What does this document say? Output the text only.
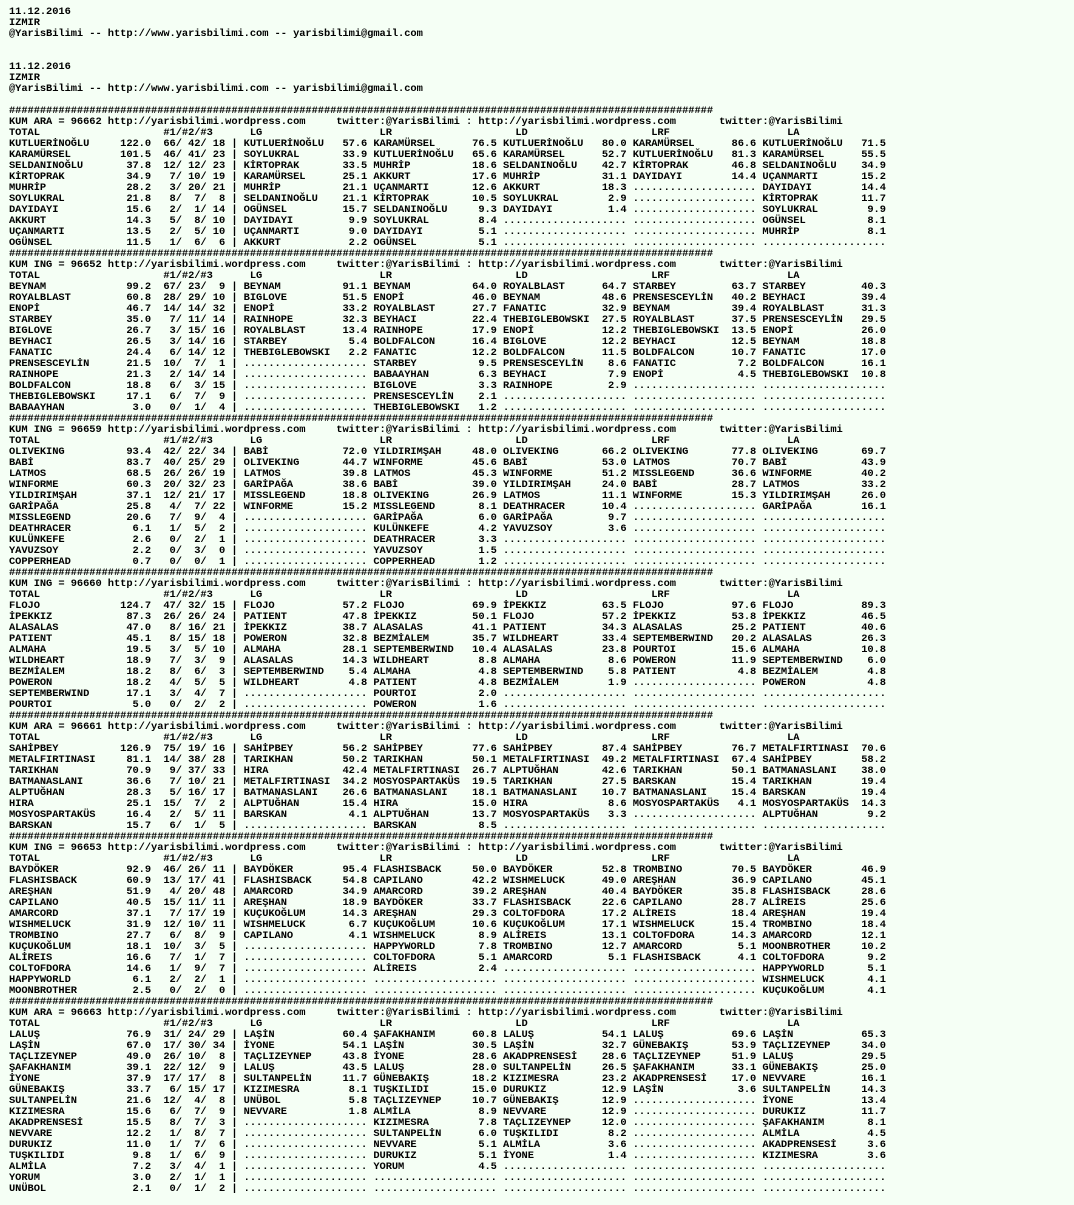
11.12.2016
IZMIR
@YarisBilimi -- http://www.yarisbilimi.com -- yarisbilimi@gmail.com

11.12.2016
IZMIR
@YarisBilimi -- http://www.yarisbilimi.com -- yarisbilimi@gmail.com

##################################################################################################################
KUM ARA = 96662 http://yarisbilimi.wordpress.com     twitter:@YarisBilimi : http://yarisbilimi.wordpress.com       twitter:@YarisBilimi
TOTAL                    #1/#2/#3      LG                   LR                    LD                    LRF                   LA
KUTLUERİNOĞLU     122.0  66/ 42/ 18 | KUTLUERİNOĞLU   57.6 KARAMÜRSEL      76.5 KUTLUERİNOĞLU   80.0 KARAMÜRSEL      86.6 KUTLUERİNOĞLU   71.5
KARAMÜRSEL        101.5  46/ 41/ 23 | SOYLUKRAL       33.9 KUTLUERİNOĞLU   65.6 KARAMÜRSEL      52.7 KUTLUERİNOĞLU   81.3 KARAMÜRSEL      55.5
SELDANINOĞLU       37.8  12/ 12/ 23 | KİRTOPRAK       33.5 MUHRİP          18.6 SELDANINOĞLU    42.7 KİRTOPRAK       46.8 SELDANINOĞLU    34.9
KİRTOPRAK          34.9   7/ 10/ 19 | KARAMÜRSEL      25.1 AKKURT          17.6 MUHRİP          31.1 DAYIDAYI        14.4 UÇANMARTI       15.2
MUHRİP             28.2   3/ 20/ 21 | MUHRİP          21.1 UÇANMARTI       12.6 AKKURT          18.3 .................... DAYIDAYI        14.4
SOYLUKRAL          21.8   8/  7/  8 | SELDANINOĞLU    21.1 KİRTOPRAK       10.5 SOYLUKRAL        2.9 .................... KİRTOPRAK       11.7
DAYIDAYI           15.6   2/  1/ 14 | OGÜNSEL         15.7 SELDANINOĞLU     9.3 DAYIDAYI         1.4 .................... SOYLUKRAL        9.9
AKKURT             14.3   5/  8/ 10 | DAYIDAYI         9.9 SOYLUKRAL        8.4 .................... .................... OGÜNSEL          8.1
UÇANMARTI          13.5   2/  5/ 10 | UÇANMARTI        9.0 DAYIDAYI         5.1 .................... .................... MUHRİP           8.1
OGÜNSEL            11.5   1/  6/  6 | AKKURT           2.2 OGÜNSEL          5.1 .................... .................... ....................
##################################################################################################################
KUM ING = 96652 http://yarisbilimi.wordpress.com     twitter:@YarisBilimi : http://yarisbilimi.wordpress.com       twitter:@YarisBilimi
TOTAL                    #1/#2/#3      LG                   LR                    LD                    LRF                   LA
BEYNAM             99.2  67/ 23/  9 | BEYNAM          91.1 BEYNAM          64.0 ROYALBLAST      64.7 STARBEY         63.7 STARBEY         40.3
ROYALBLAST         60.8  28/ 29/ 10 | BIGLOVE         51.5 ENOPİ           46.0 BEYNAM          48.6 PRENSESCEYLİN   40.2 BEYHACI         39.4
ENOPİ              46.7  14/ 14/ 32 | ENOPİ           33.2 ROYALBLAST      27.7 FANATIC         32.9 BEYNAM          39.4 ROYALBLAST      31.3
STARBEY            35.0   7/ 11/ 14 | RAINHOPE        32.3 BEYHACI         22.4 THEBIGLEBOWSKI  27.5 ROYALBLAST      37.5 PRENSESCEYLİN   29.5
BIGLOVE            26.7   3/ 15/ 16 | ROYALBLAST      13.4 RAINHOPE        17.9 ENOPİ           12.2 THEBIGLEBOWSKI  13.5 ENOPİ           26.0
BEYHACI            26.5   3/ 14/ 16 | STARBEY          5.4 BOLDFALCON      16.4 BIGLOVE         12.2 BEYHACI         12.5 BEYNAM          18.8
FANATIC            24.4   6/ 14/ 12 | THEBIGLEBOWSKI   2.2 FANATIC         12.2 BOLDFALCON      11.5 BOLDFALCON      10.7 FANATIC         17.0
PRENSESCEYLİN      21.5  10/  7/  1 | .................... STARBEY          9.5 PRENSESCEYLİN    8.6 FANATIC          7.2 BOLDFALCON      16.1
RAINHOPE           21.3   2/ 14/ 14 | .................... BABAAYHAN        6.3 BEYHACI          7.9 ENOPİ            4.5 THEBIGLEBOWSKI  10.8
BOLDFALCON         18.8   6/  3/ 15 | .................... BIGLOVE          3.3 RAINHOPE         2.9 .................... ....................
THEBIGLEBOWSKI     17.1   6/  7/  9 | .................... PRENSESCEYLİN    2.1 .................... .................... ....................
BABAAYHAN           3.0   0/  1/  4 | .................... THEBIGLEBOWSKI   1.2 .................... .................... ....................
##################################################################################################################
KUM ING = 96659 http://yarisbilimi.wordpress.com     twitter:@YarisBilimi : http://yarisbilimi.wordpress.com       twitter:@YarisBilimi
TOTAL                    #1/#2/#3      LG                   LR                    LD                    LRF                   LA
OLIVEKING          93.4  42/ 22/ 34 | BABİ            72.0 YILDIRIMŞAH     48.0 OLIVEKING       66.2 OLIVEKING       77.8 OLIVEKING       69.7
BABİ               83.7  40/ 25/ 29 | OLIVEKING       44.7 WINFORME        45.6 BABİ            53.0 LATMOS          70.7 BABİ            43.9
LATMOS             68.5  26/ 26/ 19 | LATMOS          39.8 LATMOS          45.3 WINFORME        51.2 MISSLEGEND      36.6 WINFORME        40.2
WINFORME           60.3  20/ 32/ 23 | GARİPAĞA        38.6 BABİ            39.0 YILDIRIMŞAH     24.0 BABİ            28.7 LATMOS          33.2
YILDIRIMŞAH        37.1  12/ 21/ 17 | MISSLEGEND      18.8 OLIVEKING       26.9 LATMOS          11.1 WINFORME        15.3 YILDIRIMŞAH     26.0
GARİPAĞA           25.8   4/  7/ 22 | WINFORME        15.2 MISSLEGEND       8.1 DEATHRACER      10.4 .................... GARİPAĞA        16.1
MISSLEGEND         20.6   7/  9/  4 | .................... GARİPAĞA         6.0 GARİPAĞA         9.7 .................... ....................
DEATHRACER          6.1   1/  5/  2 | .................... KULÜNKEFE        4.2 YAVUZSOY         3.6 .................... ....................
KULÜNKEFE           2.6   0/  2/  1 | .................... DEATHRACER       3.3 .................... .................... ....................
YAVUZSOY            2.2   0/  3/  0 | .................... YAVUZSOY         1.5 .................... .................... ....................
COPPERHEAD          0.7   0/  0/  1 | .................... COPPERHEAD       1.2 .................... .................... ....................
##################################################################################################################
KUM ING = 96660 http://yarisbilimi.wordpress.com     twitter:@YarisBilimi : http://yarisbilimi.wordpress.com       twitter:@YarisBilimi
TOTAL                    #1/#2/#3      LG                   LR                    LD                    LRF                   LA
FLOJO             124.7  47/ 32/ 15 | FLOJO           57.2 FLOJO           69.9 İPEKKIZ         63.5 FLOJO           97.6 FLOJO           89.3
İPEKKIZ            87.3  26/ 26/ 24 | PATIENT         47.8 İPEKKIZ         50.1 FLOJO           57.2 İPEKKIZ         53.8 İPEKKIZ         46.5
ALASALAS           47.0   8/ 16/ 21 | İPEKKIZ         38.7 ALASALAS        41.1 PATIENT         34.3 ALASALAS        25.2 PATIENT         40.6
PATIENT            45.1   8/ 15/ 18 | POWERON         32.8 BEZMİALEM       35.7 WILDHEART       33.4 SEPTEMBERWIND   20.2 ALASALAS        26.3
ALMAHA             19.5   3/  5/ 10 | ALMAHA          28.1 SEPTEMBERWIND   10.4 ALASALAS        23.8 POURTOI         15.6 ALMAHA          10.8
WILDHEART          18.9   7/  3/  9 | ALASALAS        14.3 WILDHEART        8.8 ALMAHA           8.6 POWERON         11.9 SEPTEMBERWIND    6.0
BEZMİALEM          18.2   8/  6/  3 | SEPTEMBERWIND    5.4 ALMAHA           4.8 SEPTEMBERWIND    5.8 PATIENT          4.8 BEZMİALEM        4.8
POWERON            18.2   4/  5/  5 | WILDHEART        4.8 PATIENT          4.8 BEZMİALEM        1.9 .................... POWERON          4.8
SEPTEMBERWIND      17.1   3/  4/  7 | .................... POURTOI          2.0 .................... .................... ....................
POURTOI             5.0   0/  2/  2 | .................... POWERON          1.6 .................... .................... ....................
##################################################################################################################
KUM ARA = 96661 http://yarisbilimi.wordpress.com     twitter:@YarisBilimi : http://yarisbilimi.wordpress.com       twitter:@YarisBilimi
TOTAL                    #1/#2/#3      LG                   LR                    LD                    LRF                   LA
SAHİPBEY          126.9  75/ 19/ 16 | SAHİPBEY        56.2 SAHİPBEY        77.6 SAHİPBEY        87.4 SAHİPBEY        76.7 METALFIRTINASI  70.6
METALFIRTINASI     81.1  14/ 38/ 28 | TARIKHAN        50.2 TARIKHAN        50.1 METALFIRTINASI  49.2 METALFIRTINASI  67.4 SAHİPBEY        58.2
TARIKHAN           70.9   9/ 37/ 33 | HIRA            42.4 METALFIRTINASI  26.7 ALPTUĞHAN       42.6 TARIKHAN        50.1 BATMANASLANI    38.0
BATMANASLANI       36.6   7/ 10/ 21 | METALFIRTINASI  34.2 MOSYOSPARTAKÜS  19.5 TARIKHAN        27.5 BARSKAN         15.4 TARIKHAN        19.4
ALPTUĞHAN          28.3   5/ 16/ 17 | BATMANASLANI    26.6 BATMANASLANI    18.1 BATMANASLANI    10.7 BATMANASLANI    15.4 BARSKAN         19.4
HIRA               25.1  15/  7/  2 | ALPTUĞHAN       15.4 HIRA            15.0 HIRA             8.6 MOSYOSPARTAKÜS   4.1 MOSYOSPARTAKÜS  14.3
MOSYOSPARTAKÜS     16.4   2/  5/ 11 | BARSKAN          4.1 ALPTUĞHAN       13.7 MOSYOSPARTAKÜS   3.3 .................... ALPTUĞHAN        9.2
BARSKAN            15.7   6/  1/  5 | .................... BARSKAN          8.5 .................... .................... ....................
##################################################################################################################
KUM ING = 96653 http://yarisbilimi.wordpress.com     twitter:@YarisBilimi : http://yarisbilimi.wordpress.com       twitter:@YarisBilimi
TOTAL                    #1/#2/#3      LG                   LR                    LD                    LRF                   LA
BAYDÖKER           92.9  46/ 26/ 11 | BAYDÖKER        95.4 FLASHISBACK     50.0 BAYDÖKER        52.8 TROMBINO        70.5 BAYDÖKER        46.9
FLASHISBACK        60.9  13/ 17/ 41 | FLASHISBACK     54.8 CAPILANO        42.2 WISHMELUCK      49.0 AREŞHAN         36.9 CAPILANO        45.1
AREŞHAN            51.9   4/ 20/ 48 | AMARCORD        34.9 AMARCORD        39.2 AREŞHAN         40.4 BAYDÖKER        35.8 FLASHISBACK     28.6
CAPILANO           40.5  15/ 11/ 11 | AREŞHAN         18.9 BAYDÖKER        33.7 FLASHISBACK     22.6 CAPILANO        28.7 ALİREIS         25.6
AMARCORD           37.1   7/ 17/ 19 | KUÇUKOĞLUM      14.3 AREŞHAN         29.3 COLTOFDORA      17.2 ALİREIS         18.4 AREŞHAN         19.4
WISHMELUCK         31.9  12/ 10/ 11 | WISHMELUCK       6.7 KUÇUKOĞLUM      10.6 KUÇUKOĞLUM      17.1 WISHMELUCK      15.4 TROMBINO        18.4
TROMBINO           27.7   6/  8/  9 | CAPILANO         4.1 WISHMELUCK       8.9 ALİREIS         13.1 COLTOFDORA      14.3 AMARCORD        12.1
KUÇUKOĞLUM         18.1  10/  3/  5 | .................... HAPPYWORLD       7.8 TROMBINO        12.7 AMARCORD         5.1 MOONBROTHER     10.2
ALİREIS            16.6   7/  1/  7 | .................... COLTOFDORA       5.1 AMARCORD         5.1 FLASHISBACK      4.1 COLTOFDORA       9.2
COLTOFDORA         14.6   1/  9/  7 | .................... ALİREIS          2.4 .................... .................... HAPPYWORLD       5.1
HAPPYWORLD          6.1   2/  2/  1 | .................... .................... .................... .................... WISHMELUCK       4.1
MOONBROTHER         2.5   0/  2/  0 | .................... .................... .................... .................... KUÇUKOĞLUM       4.1
##################################################################################################################
KUM ARA = 96663 http://yarisbilimi.wordpress.com     twitter:@YarisBilimi : http://yarisbilimi.wordpress.com       twitter:@YarisBilimi
TOTAL                    #1/#2/#3      LG                   LR                    LD                    LRF                   LA
LALUŞ              76.9  31/ 24/ 29 | LAŞİN           60.4 ŞAFAKHANIM      60.8 LALUŞ           54.1 LALUŞ           69.6 LAŞİN           65.3
LAŞİN              67.0  17/ 30/ 34 | İYONE           54.1 LAŞİN           30.5 LAŞİN           32.7 GÜNEBAKIŞ       53.9 TAÇLIZEYNEP     34.0
TAÇLIZEYNEP        49.0  26/ 10/  8 | TAÇLIZEYNEP     43.8 İYONE           28.6 AKADPRENSESİ    28.6 TAÇLIZEYNEP     51.9 LALUŞ           29.5
ŞAFAKHANIM         39.1  22/ 12/  9 | LALUŞ           43.5 LALUŞ           28.0 SULTANPELİN     26.5 ŞAFAKHANIM      33.1 GÜNEBAKIŞ       25.0
İYONE              37.9  17/ 17/  8 | SULTANPELİN     11.7 GÜNEBAKIŞ       18.2 KIZIMESRA       23.2 AKADPRENSESİ    17.0 NEVVARE         16.1
GÜNEBAKIŞ          33.7   6/ 15/ 17 | KIZIMESRA        8.1 TUŞKILIDI       15.0 DURUKIZ         12.9 LAŞİN            3.6 SULTANPELİN     14.3
SULTANPELİN        21.6  12/  4/  8 | UNÜBOL           5.8 TAÇLIZEYNEP     10.7 GÜNEBAKIŞ       12.9 .................... İYONE           13.4
KIZIMESRA          15.6   6/  7/  9 | NEVVARE          1.8 ALMİLA           8.9 NEVVARE         12.9 .................... DURUKIZ         11.7
AKADPRENSESİ       15.5   8/  7/  3 | .................... KIZIMESRA        7.8 TAÇLIZEYNEP     12.0 .................... ŞAFAKHANIM       8.1
NEVVARE            12.2   1/  8/  7 | .................... SULTANPELİN      6.0 TUŞKILIDI        8.2 .................... ALMİLA           4.5
DURUKIZ            11.0   1/  7/  6 | .................... NEVVARE          5.1 ALMİLA           3.6 .................... AKADPRENSESİ     3.6
TUŞKILIDI           9.8   1/  6/  9 | .................... DURUKIZ          5.1 İYONE            1.4 .................... KIZIMESRA        3.6
ALMİLA              7.2   3/  4/  1 | .................... YORUM            4.5 .................... .................... ....................
YORUM               3.0   2/  1/  1 | .................... .................... .................... .................... ....................
UNÜBOL              2.1   0/  1/  2 | .................... .................... .................... .................... ....................
